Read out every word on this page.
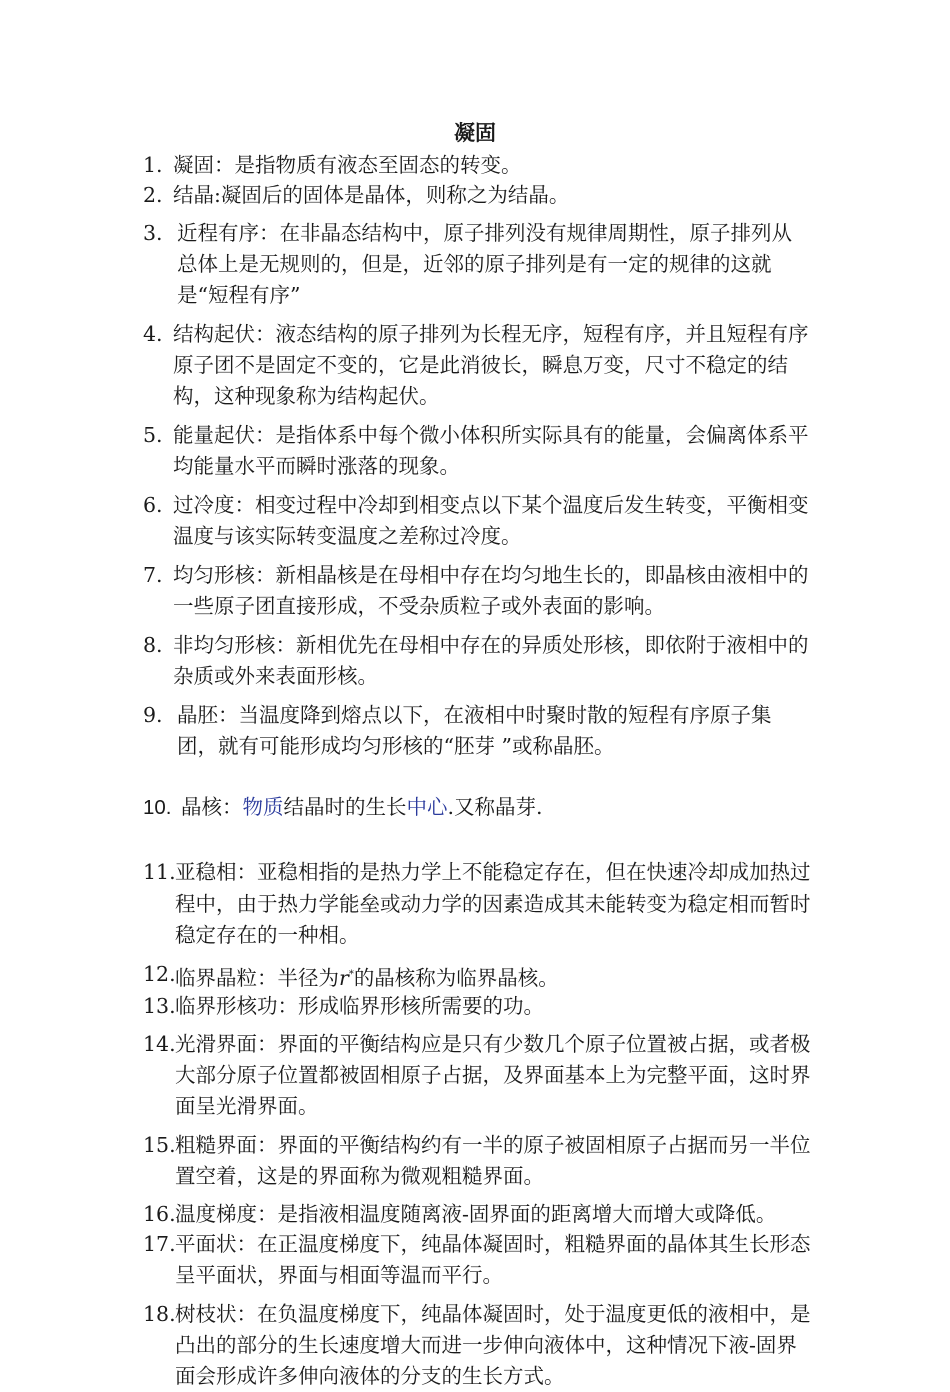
凝固
1. 凝固：是指物质有液态至固态的转变。
2. 结晶:凝固后的固体是晶体，则称之为结晶。
3. 近程有序：在非晶态结构中，原子排列没有规律周期性，原子排列从总体上是无规则的，但是，近邻的原子排列是有一定的规律的这就是“短程有序”
4. 结构起伏：液态结构的原子排列为长程无序，短程有序，并且短程有序原子团不是固定不变的，它是此消彼长，瞬息万变，尺寸不稳定的结构，这种现象称为结构起伏。
5. 能量起伏：是指体系中每个微小体积所实际具有的能量，会偏离体系平均能量水平而瞬时涨落的现象。
6. 过冷度：相变过程中冷却到相变点以下某个温度后发生转变，平衡相变温度与该实际转变温度之差称过冷度。
7. 均匀形核：新相晶核是在母相中存在均匀地生长的，即晶核由液相中的一些原子团直接形成，不受杂质粒子或外表面的影响。
8. 非均匀形核：新相优先在母相中存在的异质处形核，即依附于液相中的杂质或外来表面形核。
9. 晶胚：当温度降到熔点以下，在液相中时聚时散的短程有序原子集团，就有可能形成均匀形核的“胚芽 ”或称晶胚。
10. 晶核：物质结晶时的生长中心.又称晶芽.
11. 亚稳相：亚稳相指的是热力学上不能稳定存在，但在快速冷却成加热过程中，由于热力学能垒或动力学的因素造成其未能转变为稳定相而暂时稳定存在的一种相。
12. 临界晶粒：半径为r*的晶核称为临界晶核。
13. 临界形核功：形成临界形核所需要的功。
14. 光滑界面：界面的平衡结构应是只有少数几个原子位置被占据，或者极大部分原子位置都被固相原子占据，及界面基本上为完整平面，这时界面呈光滑界面。
15. 粗糙界面：界面的平衡结构约有一半的原子被固相原子占据而另一半位置空着，这是的界面称为微观粗糙界面。
16. 温度梯度：是指液相温度随离液-固界面的距离增大而增大或降低。
17. 平面状：在正温度梯度下，纯晶体凝固时，粗糙界面的晶体其生长形态呈平面状，界面与相面等温而平行。
18. 树枝状：在负温度梯度下，纯晶体凝固时，处于温度更低的液相中，是凸出的部分的生长速度增大而进一步伸向液体中，这种情况下液-固界面会形成许多伸向液体的分支的生长方式。
